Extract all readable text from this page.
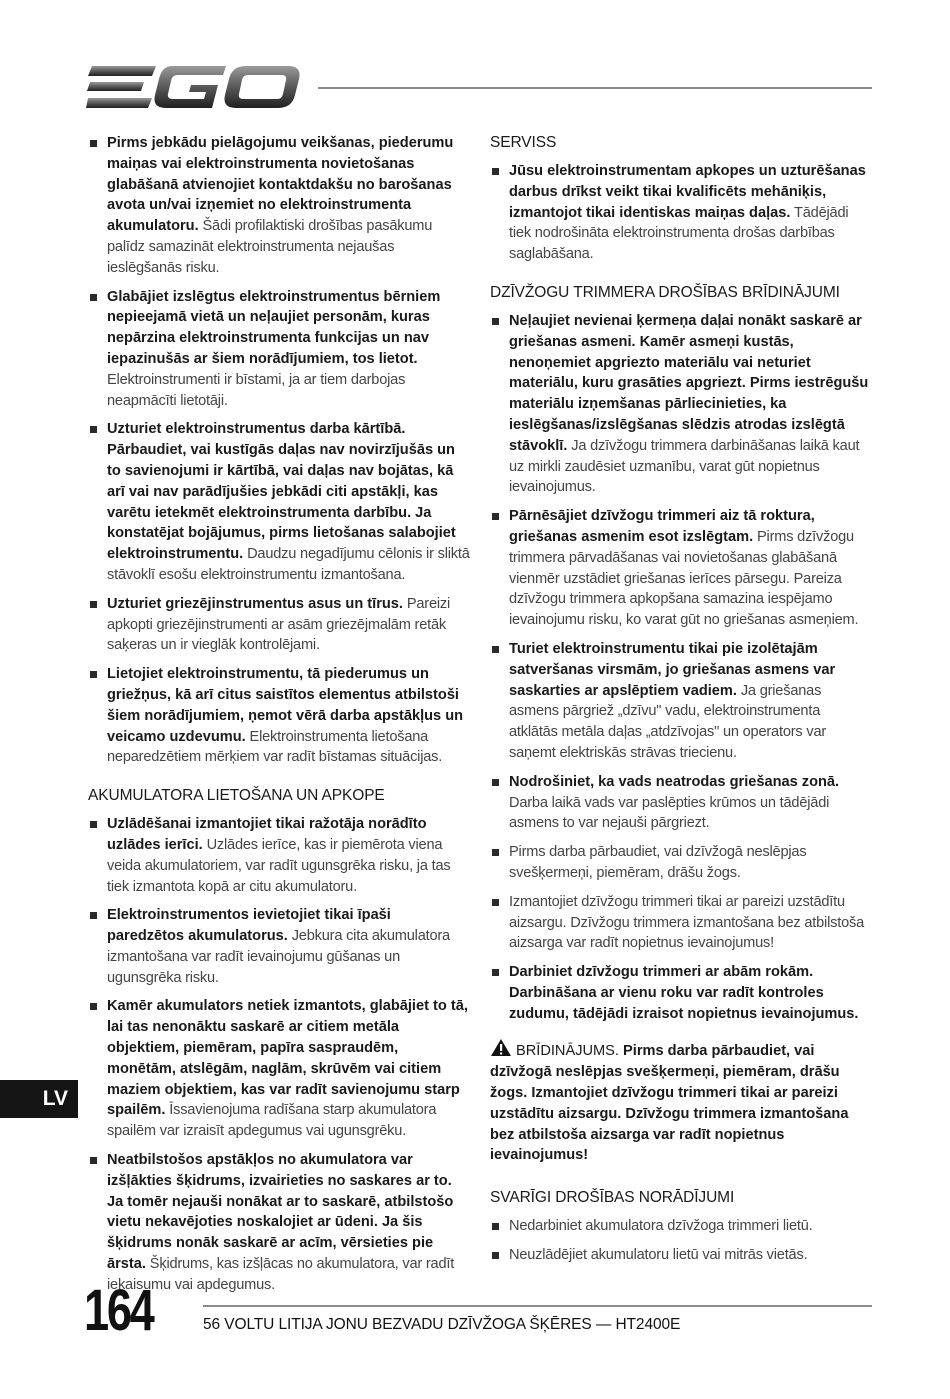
Pirms jebkādu pielāgojumu veikšanas, piederumu maiņas vai elektroinstrumenta novietošanas glabāšanā atvienojiet kontaktdakšu no barošanas avota un/vai izņemiet no elektroinstrumenta akumulatoru. Šādi profilaktiski drošības pasākumu palīdz samazināt elektroinstrumenta nejaušas ieslēgšanās risku.
Glabājiet izslēgtus elektroinstrumentus bērniem nepieejamā vietā un neļaujiet personām, kuras nepārzina elektroinstrumenta funkcijas un nav iepazinušās ar šiem norādījumiem, tos lietot. Elektroinstrumenti ir bīstami, ja ar tiem darbojas neapmācīti lietotāji.
Uzturiet elektroinstrumentus darba kārtībā. Pārbaudiet, vai kustīgās daļas nav novirzījušās un to savienojumi ir kārtībā, vai daļas nav bojātas, kā arī vai nav parādījušies jebkādi citi apstākļi, kas varētu ietekmēt elektroinstrumenta darbību. Ja konstatējat bojājumus, pirms lietošanas salabojiet elektroinstrumentu. Daudzu negadījumu cēlonis ir sliktā stāvoklī esošu elektroinstrumentu izmantošana.
Uzturiet griezējinstrumentus asus un tīrus. Pareizi apkopti griezējinstrumenti ar asām griezējmalām retāk saķeras un ir vieglāk kontrolējami.
Lietojiet elektroinstrumentu, tā piederumus un griežņus, kā arī citus saistītos elementus atbilstoši šiem norādījumiem, ņemot vērā darba apstākļus un veicamo uzdevumu. Elektroinstrumenta lietošana neparedzētiem mērķiem var radīt bīstamas situācijas.
AKUMULATORA LIETOŠANA UN APKOPE
Uzlādēšanai izmantojiet tikai ražotāja norādīto uzlādes ierīci. Uzlādes ierīce, kas ir piemērota viena veida akumulatoriem, var radīt ugunsgrēka risku, ja tas tiek izmantota kopā ar citu akumulatoru.
Elektroinstrumentos ievietojiet tikai īpaši paredzētos akumulatorus. Jebkura cita akumulatora izmantošana var radīt ievainojumu gūšanas un ugunsgrēka risku.
Kamēr akumulators netiek izmantots, glabājiet to tā, lai tas nenonāktu saskarē ar citiem metāla objektiem, piemēram, papīra saspraudēm, monētām, atslēgām, naglām, skrūvēm vai citiem maziem objektiem, kas var radīt savienojumu starp spailēm. Īssavienojuma radīšana starp akumulatora spailēm var izraisīt apdegumus vai ugunsgrēku.
Neatbilstošos apstākļos no akumulatora var izšļākties šķidrums, izvairieties no saskares ar to. Ja tomēr nejauši nonākat ar to saskarē, atbilstošo vietu nekavējoties noskalojiet ar ūdeni. Ja šis šķidrums nonāk saskarē ar acīm, vērsieties pie ārsta. Šķidrums, kas izšļācas no akumulatora, var radīt iekaisumu vai apdegumus.
SERVISS
Jūsu elektroinstrumentam apkopes un uzturēšanas darbus drīkst veikt tikai kvalificēts mehāniķis, izmantojot tikai identiskas maiņas daļas. Tādējādi tiek nodrošināta elektroinstrumenta drošas darbības saglabāšana.
DZĪVŽOGU TRIMMERA DROŠĪBAS BRĪDINĀJUMI
Neļaujiet nevienai ķermeņa daļai nonākt saskarē ar griešanas asmeni. Kamēr asmeņi kustās, nenoņemiet apgriezto materiālu vai neturiet materiālu, kuru grasāties apgriezt. Pirms iestrēgušu materiālu izņemšanas pārliecinieties, ka ieslēgšanas/izslēgšanas slēdzis atrodas izslēgtā stāvoklī. Ja dzīvžogu trimmera darbināšanas laikā kaut uz mirkli zaudēsiet uzmanību, varat gūt nopietnus ievainojumus.
Pārnēsājiet dzīvžogu trimmeri aiz tā roktura, griešanas asmenim esot izslēgtam. Pirms dzīvžogu trimmera pārvadāšanas vai novietošanas glabāšanā vienmēr uzstādiet griešanas ierīces pārsegu. Pareiza dzīvžogu trimmera apkopšana samazina iespējamo ievainojumu risku, ko varat gūt no griešanas asmeņiem.
Turiet elektroinstrumentu tikai pie izolētajām satveršanas virsmām, jo griešanas asmens var saskarties ar apslēptiem vadiem. Ja griešanas asmens pārgriež „dzīvu" vadu, elektroinstrumenta atklātās metāla daļas „atdzīvojas" un operators var saņemt elektriskās strāvas triecienu.
Nodrošiniet, ka vads neatrodas griešanas zonā. Darba laikā vads var paslēpties krūmos un tādējādi asmens to var nejauši pārgriezt.
Pirms darba pārbaudiet, vai dzīvžogā neslēpjas svešķermeņi, piemēram, drāšu žogs.
Izmantojiet dzīvžogu trimmeri tikai ar pareizi uzstādītu aizsargu. Dzīvžogu trimmera izmantošana bez atbilstoša aizsarga var radīt nopietnus ievainojumus!
Darbiniet dzīvžogu trimmeri ar abām rokām. Darbināšana ar vienu roku var radīt kontroles zudumu, tādējādi izraisot nopietnus ievainojumus.
BRĪDINĀJUMS. Pirms darba pārbaudiet, vai dzīvžogā neslēpjas svešķermeņi, piemēram, drāšu žogs. Izmantojiet dzīvžogu trimmeri tikai ar pareizi uzstādītu aizsargu. Dzīvžogu trimmera izmantošana bez atbilstoša aizsarga var radīt nopietnus ievainojumus!
SVARĪGI DROŠĪBAS NORĀDĪJUMI
Nedarbiniet akumulatora dzīvžoga trimmeri lietū.
Neuzlādējiet akumulatoru lietū vai mitrās vietās.
LV
164	56 VOLTU LITIJA JONU BEZVADU DZĪVŽOGA ŠĶĒRES — HT2400E
